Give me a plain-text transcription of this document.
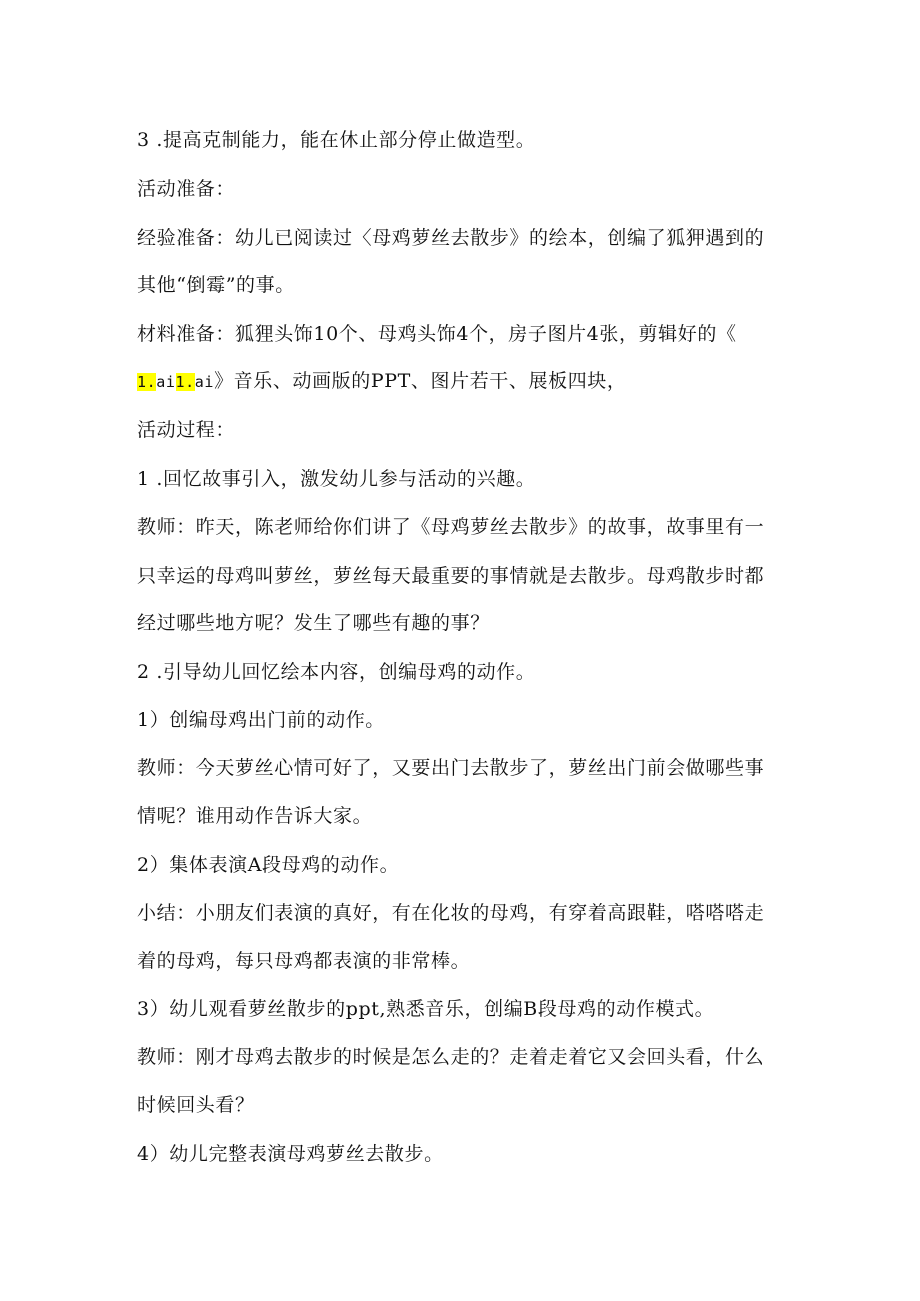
3 .提高克制能力，能在休止部分停止做造型。
活动准备：
经验准备：幼儿已阅读过〈母鸡萝丝去散步》的绘本，创编了狐狎遇到的
其他“倒霉”的事。
材料准备：狐狸头饰10个、母鸡头饰4个，房子图片4张，剪辑好的《
1.ai1.ai》音乐、动画版的PPT、图片若干、展板四块，
活动过程：
1 .回忆故事引入，激发幼儿参与活动的兴趣。
教师：昨天，陈老师给你们讲了《母鸡萝丝去散步》的故事，故事里有一
只幸运的母鸡叫萝丝，萝丝每天最重要的事情就是去散步。母鸡散步时都
经过哪些地方呢？发生了哪些有趣的事？
2 .引导幼儿回忆绘本内容，创编母鸡的动作。
1）创编母鸡出门前的动作。
教师：今天萝丝心情可好了，又要出门去散步了，萝丝出门前会做哪些事
情呢？谁用动作告诉大家。
2）集体表演A段母鸡的动作。
小结：小朋友们表演的真好，有在化妆的母鸡，有穿着高跟鞋，嗒嗒嗒走
着的母鸡，每只母鸡都表演的非常棒。
3）幼儿观看萝丝散步的ppt,熟悉音乐，创编B段母鸡的动作模式。
教师：刚才母鸡去散步的时候是怎么走的？走着走着它又会回头看，什么
时候回头看？
4）幼儿完整表演母鸡萝丝去散步。
